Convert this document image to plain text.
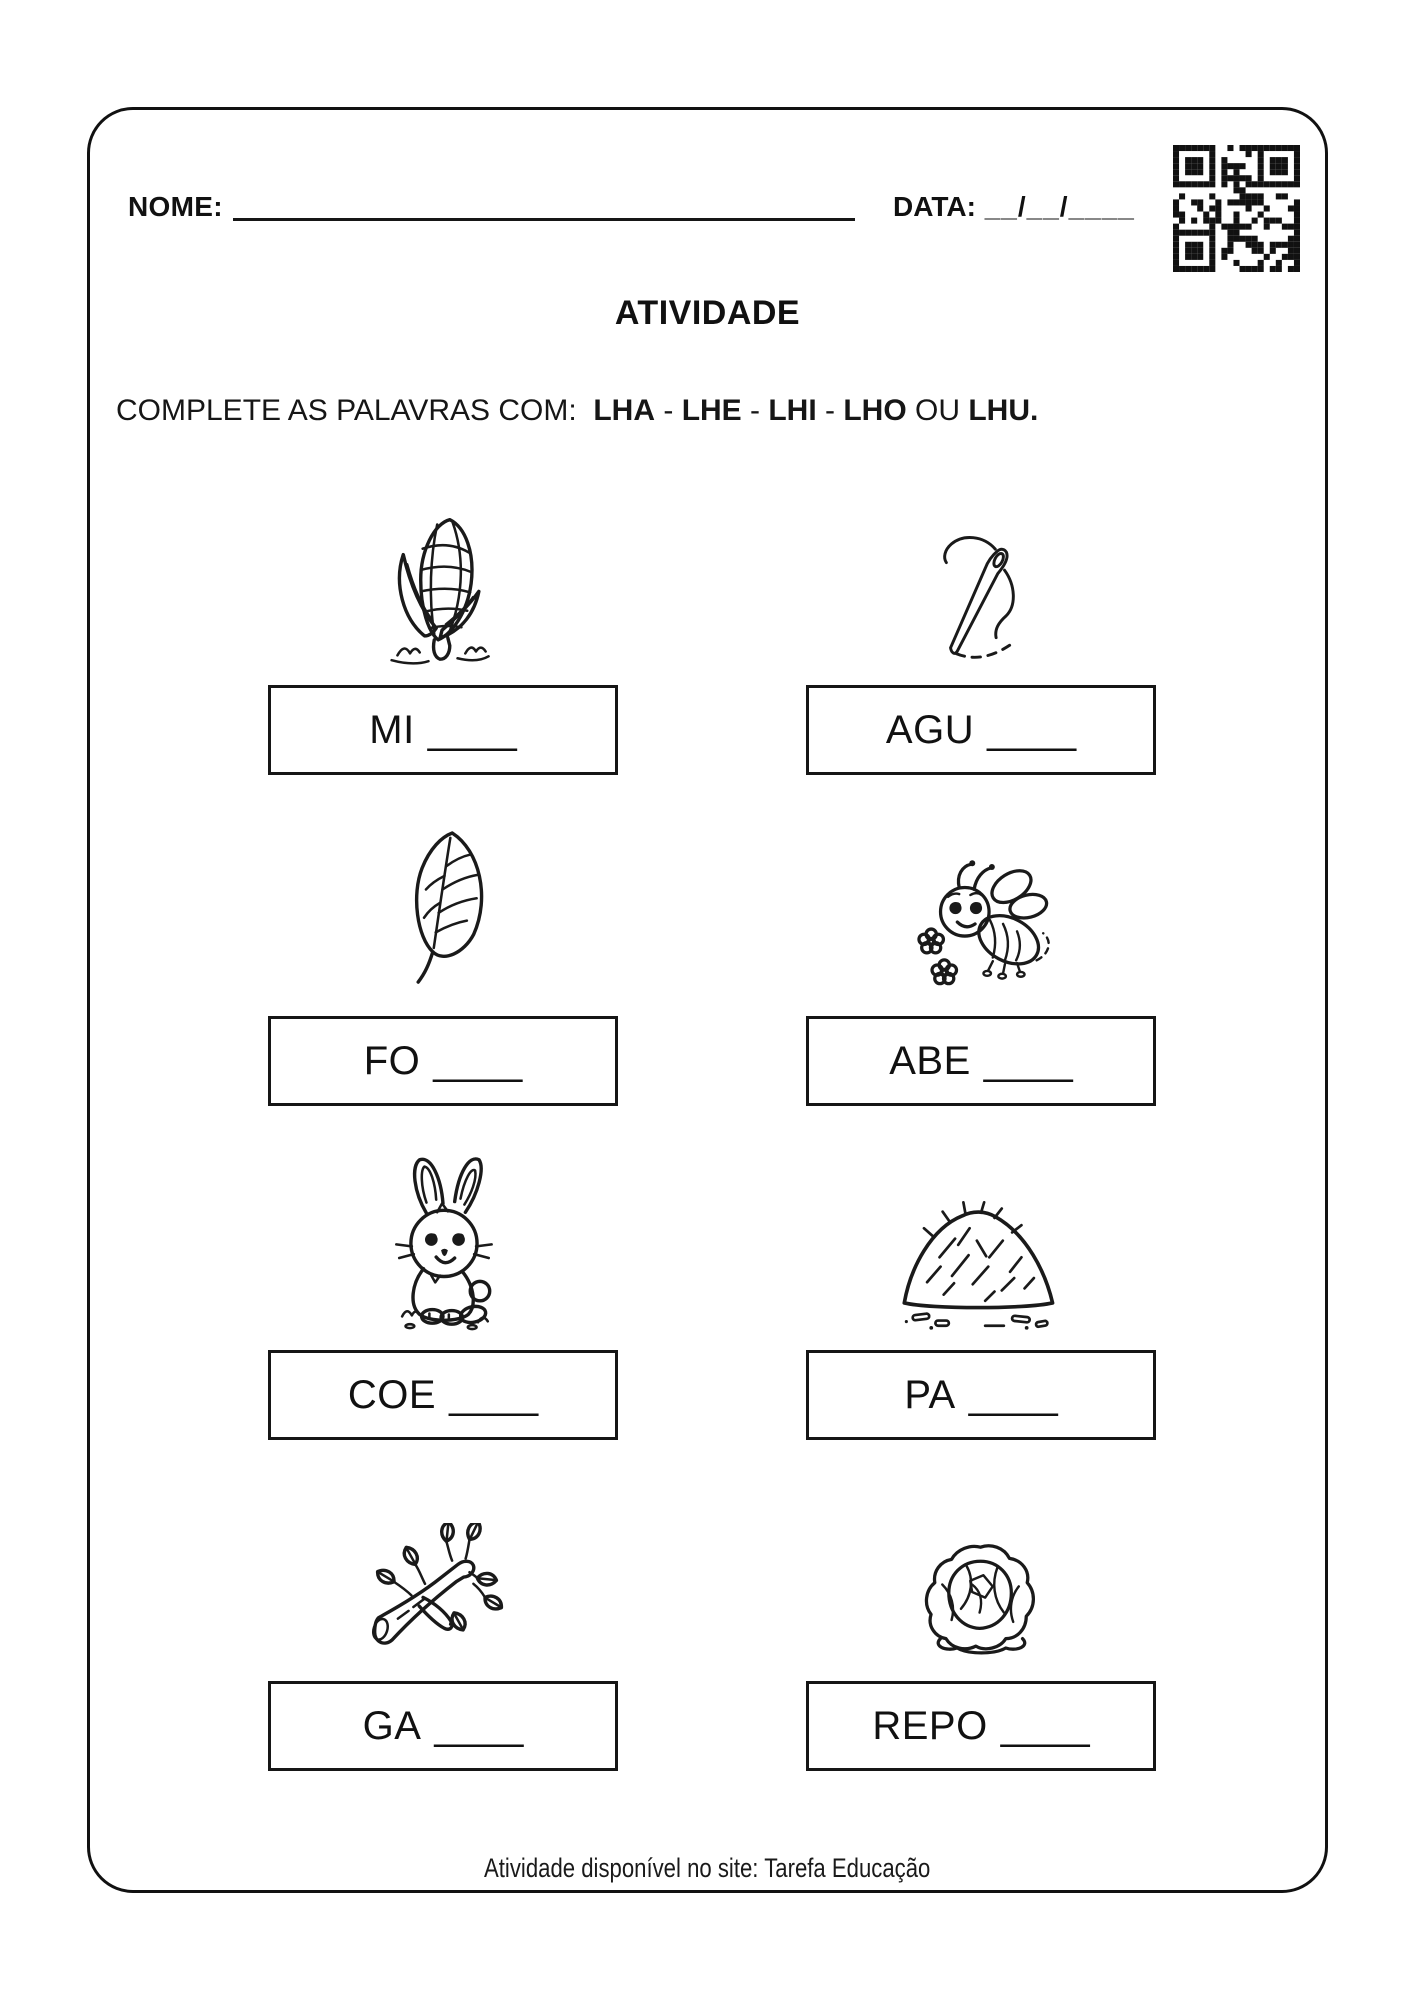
NOME:	DATA: __/__/____
ATIVIDADE
COMPLETE AS PALAVRAS COM:  LHA - LHE - LHI - LHO OU LHU.
MI ____	AGU ____
FO ____	ABE ____
COE ____	PA ____
GA ____	REPO ____
Atividade disponível no site: Tarefa Educação
